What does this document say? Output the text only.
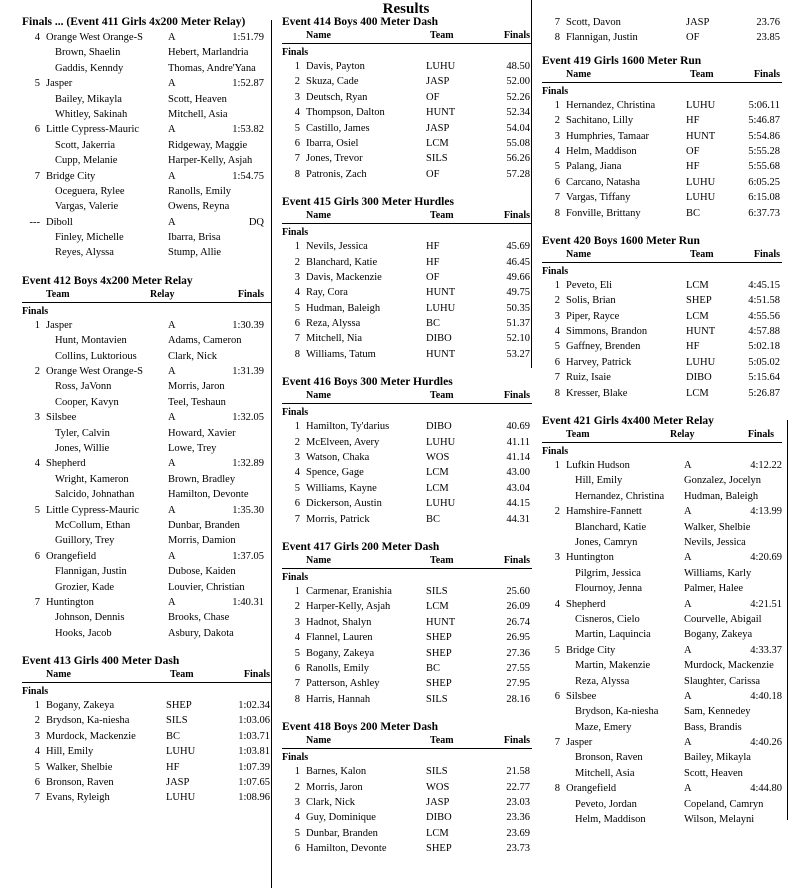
Results
Finals ... (Event 411 Girls 4x200 Meter Relay)
4 Orange West Orange-S	A	1:51.79
Brown, Shaelin	Hebert, Marlandria
Gaddis, Kenndy	Thomas, Andre'Yana
5 Jasper	A	1:52.87
Bailey, Mikayla	Scott, Heaven
Whitley, Sakinah	Mitchell, Asia
6 Little Cypress-Mauric	A	1:53.82
Scott, Jakerria	Ridgeway, Maggie
Cupp, Melanie	Harper-Kelly, Asjah
7 Bridge City	A	1:54.75
Oceguera, Rylee	Ranolls, Emily
Vargas, Valerie	Owens, Reyna
--- Diboll	A	DQ
Finley, Michelle	Ibarra, Brisa
Reyes, Alyssa	Stump, Allie
Event 412 Boys 4x200 Meter Relay
Team	Relay	Finals
Finals
1 Jasper	A	1:30.39
Hunt, Montavien	Adams, Cameron
Collins, Luktorious	Clark, Nick
2 Orange West Orange-S	A	1:31.39
Ross, JaVonn	Morris, Jaron
Cooper, Kavyn	Teel, Teshaun
3 Silsbee	A	1:32.05
Tyler, Calvin	Howard, Xavier
Jones, Willie	Lowe, Trey
4 Shepherd	A	1:32.89
Wright, Kameron	Brown, Bradley
Salcido, Johnathan	Hamilton, Devonte
5 Little Cypress-Mauric	A	1:35.30
McCollum, Ethan	Dunbar, Branden
Guillory, Trey	Morris, Damion
6 Orangefield	A	1:37.05
Flannigan, Justin	Dubose, Kaiden
Grozier, Kade	Louvier, Christian
7 Huntington	A	1:40.31
Johnson, Dennis	Brooks, Chase
Hooks, Jacob	Asbury, Dakota
Event 413 Girls 400 Meter Dash
Name	Team	Finals
Finals
1 Bogany, Zakeya	SHEP	1:02.34
2 Brydson, Ka-niesha	SILS	1:03.06
3 Murdock, Mackenzie	BC	1:03.71
4 Hill, Emily	LUHU	1:03.81
5 Walker, Shelbie	HF	1:07.39
6 Bronson, Raven	JASP	1:07.65
7 Evans, Ryleigh	LUHU	1:08.96
Event 414 Boys 400 Meter Dash
Name	Team	Finals
Finals
1 Davis, Payton	LUHU	48.50
2 Skuza, Cade	JASP	52.00
3 Deutsch, Ryan	OF	52.26
4 Thompson, Dalton	HUNT	52.34
5 Castillo, James	JASP	54.04
6 Ibarra, Osiel	LCM	55.08
7 Jones, Trevor	SILS	56.26
8 Patronis, Zach	OF	57.28
Event 415 Girls 300 Meter Hurdles
Name	Team	Finals
Finals
1 Nevils, Jessica	HF	45.69
2 Blanchard, Katie	HF	46.45
3 Davis, Mackenzie	OF	49.66
4 Ray, Cora	HUNT	49.75
5 Hudman, Baleigh	LUHU	50.35
6 Reza, Alyssa	BC	51.37
7 Mitchell, Nia	DIBO	52.10
8 Williams, Tatum	HUNT	53.27
Event 416 Boys 300 Meter Hurdles
Name	Team	Finals
Finals
1 Hamilton, Ty'darius	DIBO	40.69
2 McElveen, Avery	LUHU	41.11
3 Watson, Chaka	WOS	41.14
4 Spence, Gage	LCM	43.00
5 Williams, Kayne	LCM	43.04
6 Dickerson, Austin	LUHU	44.15
7 Morris, Patrick	BC	44.31
Event 417 Girls 200 Meter Dash
Name	Team	Finals
Finals
1 Carmenar, Eranishia	SILS	25.60
2 Harper-Kelly, Asjah	LCM	26.09
3 Hadnot, Shalyn	HUNT	26.74
4 Flannel, Lauren	SHEP	26.95
5 Bogany, Zakeya	SHEP	27.36
6 Ranolls, Emily	BC	27.55
7 Patterson, Ashley	SHEP	27.95
8 Harris, Hannah	SILS	28.16
Event 418 Boys 200 Meter Dash
Name	Team	Finals
Finals
1 Barnes, Kalon	SILS	21.58
2 Morris, Jaron	WOS	22.77
3 Clark, Nick	JASP	23.03
4 Guy, Dominique	DIBO	23.36
5 Dunbar, Branden	LCM	23.69
6 Hamilton, Devonte	SHEP	23.73
7 Scott, Davon	JASP	23.76
8 Flannigan, Justin	OF	23.85
Event 419 Girls 1600 Meter Run
Name	Team	Finals
Finals
1 Hernandez, Christina	LUHU	5:06.11
2 Sachitano, Lilly	HF	5:46.87
3 Humphries, Tamaar	HUNT	5:54.86
4 Helm, Maddison	OF	5:55.28
5 Palang, Jiana	HF	5:55.68
6 Carcano, Natasha	LUHU	6:05.25
7 Vargas, Tiffany	LUHU	6:15.08
8 Fonville, Brittany	BC	6:37.73
Event 420 Boys 1600 Meter Run
Name	Team	Finals
Finals
1 Peveto, Eli	LCM	4:45.15
2 Solis, Brian	SHEP	4:51.58
3 Piper, Rayce	LCM	4:55.56
4 Simmons, Brandon	HUNT	4:57.88
5 Gaffney, Brenden	HF	5:02.18
6 Harvey, Patrick	LUHU	5:05.02
7 Ruiz, Isaie	DIBO	5:15.64
8 Kresser, Blake	LCM	5:26.87
Event 421 Girls 4x400 Meter Relay
Team	Relay	Finals
Finals
1 Lufkin Hudson	A	4:12.22
Hill, Emily	Gonzalez, Jocelyn
Hernandez, Christina	Hudman, Baleigh
2 Hamshire-Fannett	A	4:13.99
Blanchard, Katie	Walker, Shelbie
Jones, Camryn	Nevils, Jessica
3 Huntington	A	4:20.69
Pilgrim, Jessica	Williams, Karly
Flournoy, Jenna	Palmer, Halee
4 Shepherd	A	4:21.51
Cisneros, Cielo	Courvelle, Abigail
Martin, Laquincia	Bogany, Zakeya
5 Bridge City	A	4:33.37
Martin, Makenzie	Murdock, Mackenzie
Reza, Alyssa	Slaughter, Carissa
6 Silsbee	A	4:40.18
Brydson, Ka-niesha	Sam, Kennedey
Maze, Emery	Bass, Brandis
7 Jasper	A	4:40.26
Bronson, Raven	Bailey, Mikayla
Mitchell, Asia	Scott, Heaven
8 Orangefield	A	4:44.80
Peveto, Jordan	Copeland, Camryn
Helm, Maddison	Wilson, Melayni
